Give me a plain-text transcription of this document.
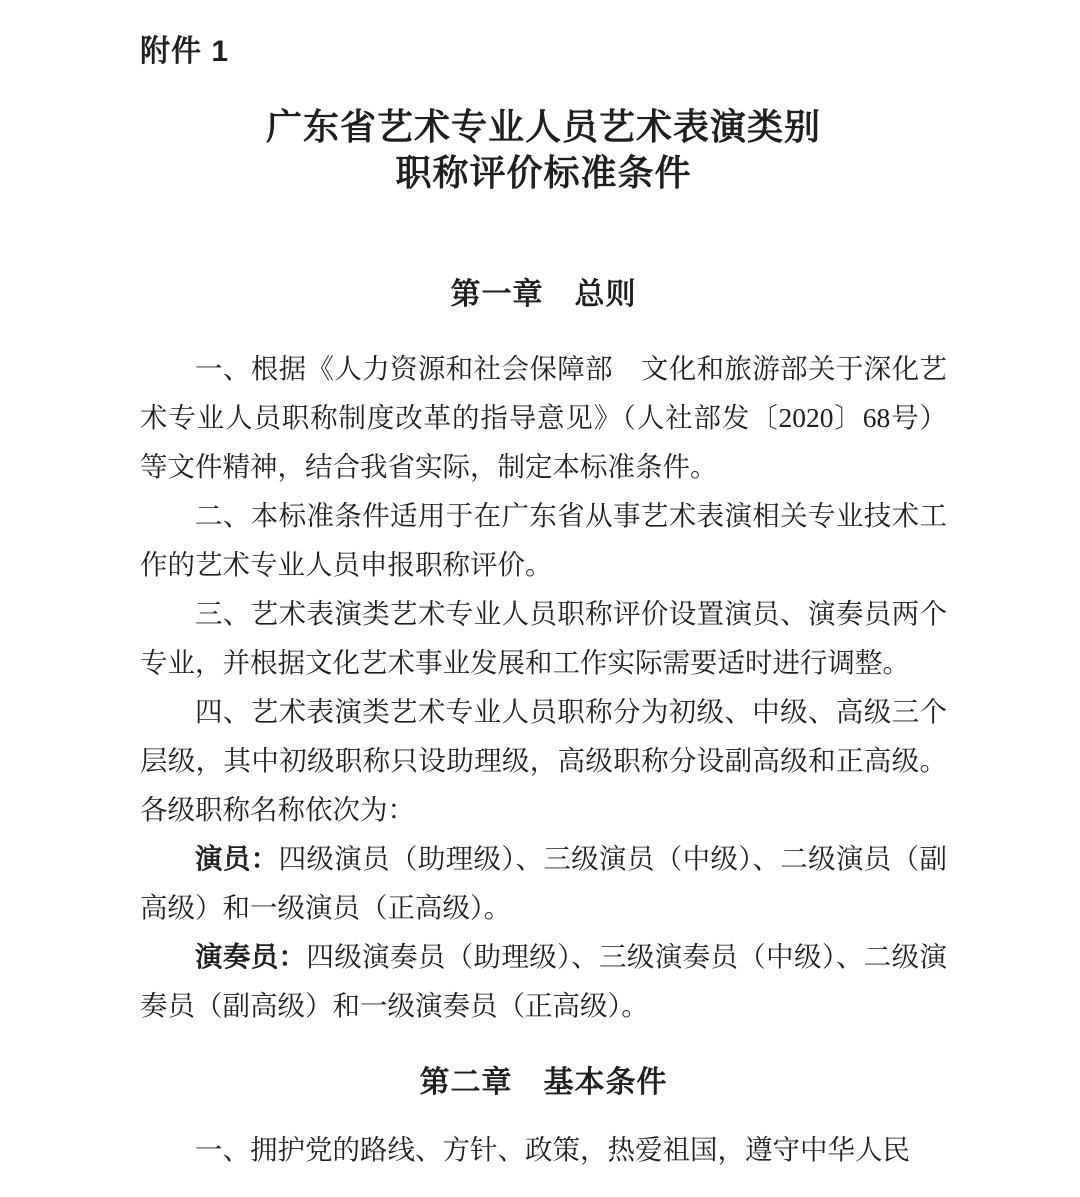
附件 1
广东省艺术专业人员艺术表演类别
职称评价标准条件
第一章　总则

一、根据《人力资源和社会保障部　文化和旅游部关于深化艺术专业人员职称制度改革的指导意见》（人社部发〔2020〕68号）等文件精神，结合我省实际，制定本标准条件。

二、本标准条件适用于在广东省从事艺术表演相关专业技术工作的艺术专业人员申报职称评价。

三、艺术表演类艺术专业人员职称评价设置演员、演奏员两个专业，并根据文化艺术事业发展和工作实际需要适时进行调整。

四、艺术表演类艺术专业人员职称分为初级、中级、高级三个层级，其中初级职称只设助理级，高级职称分设副高级和正高级。各级职称名称依次为：

演员：四级演员（助理级）、三级演员（中级）、二级演员（副高级）和一级演员（正高级）。

演奏员：四级演奏员（助理级）、三级演奏员（中级）、二级演奏员（副高级）和一级演奏员（正高级）。

第二章　基本条件

一、拥护党的路线、方针、政策，热爱祖国，遵守中华人民
